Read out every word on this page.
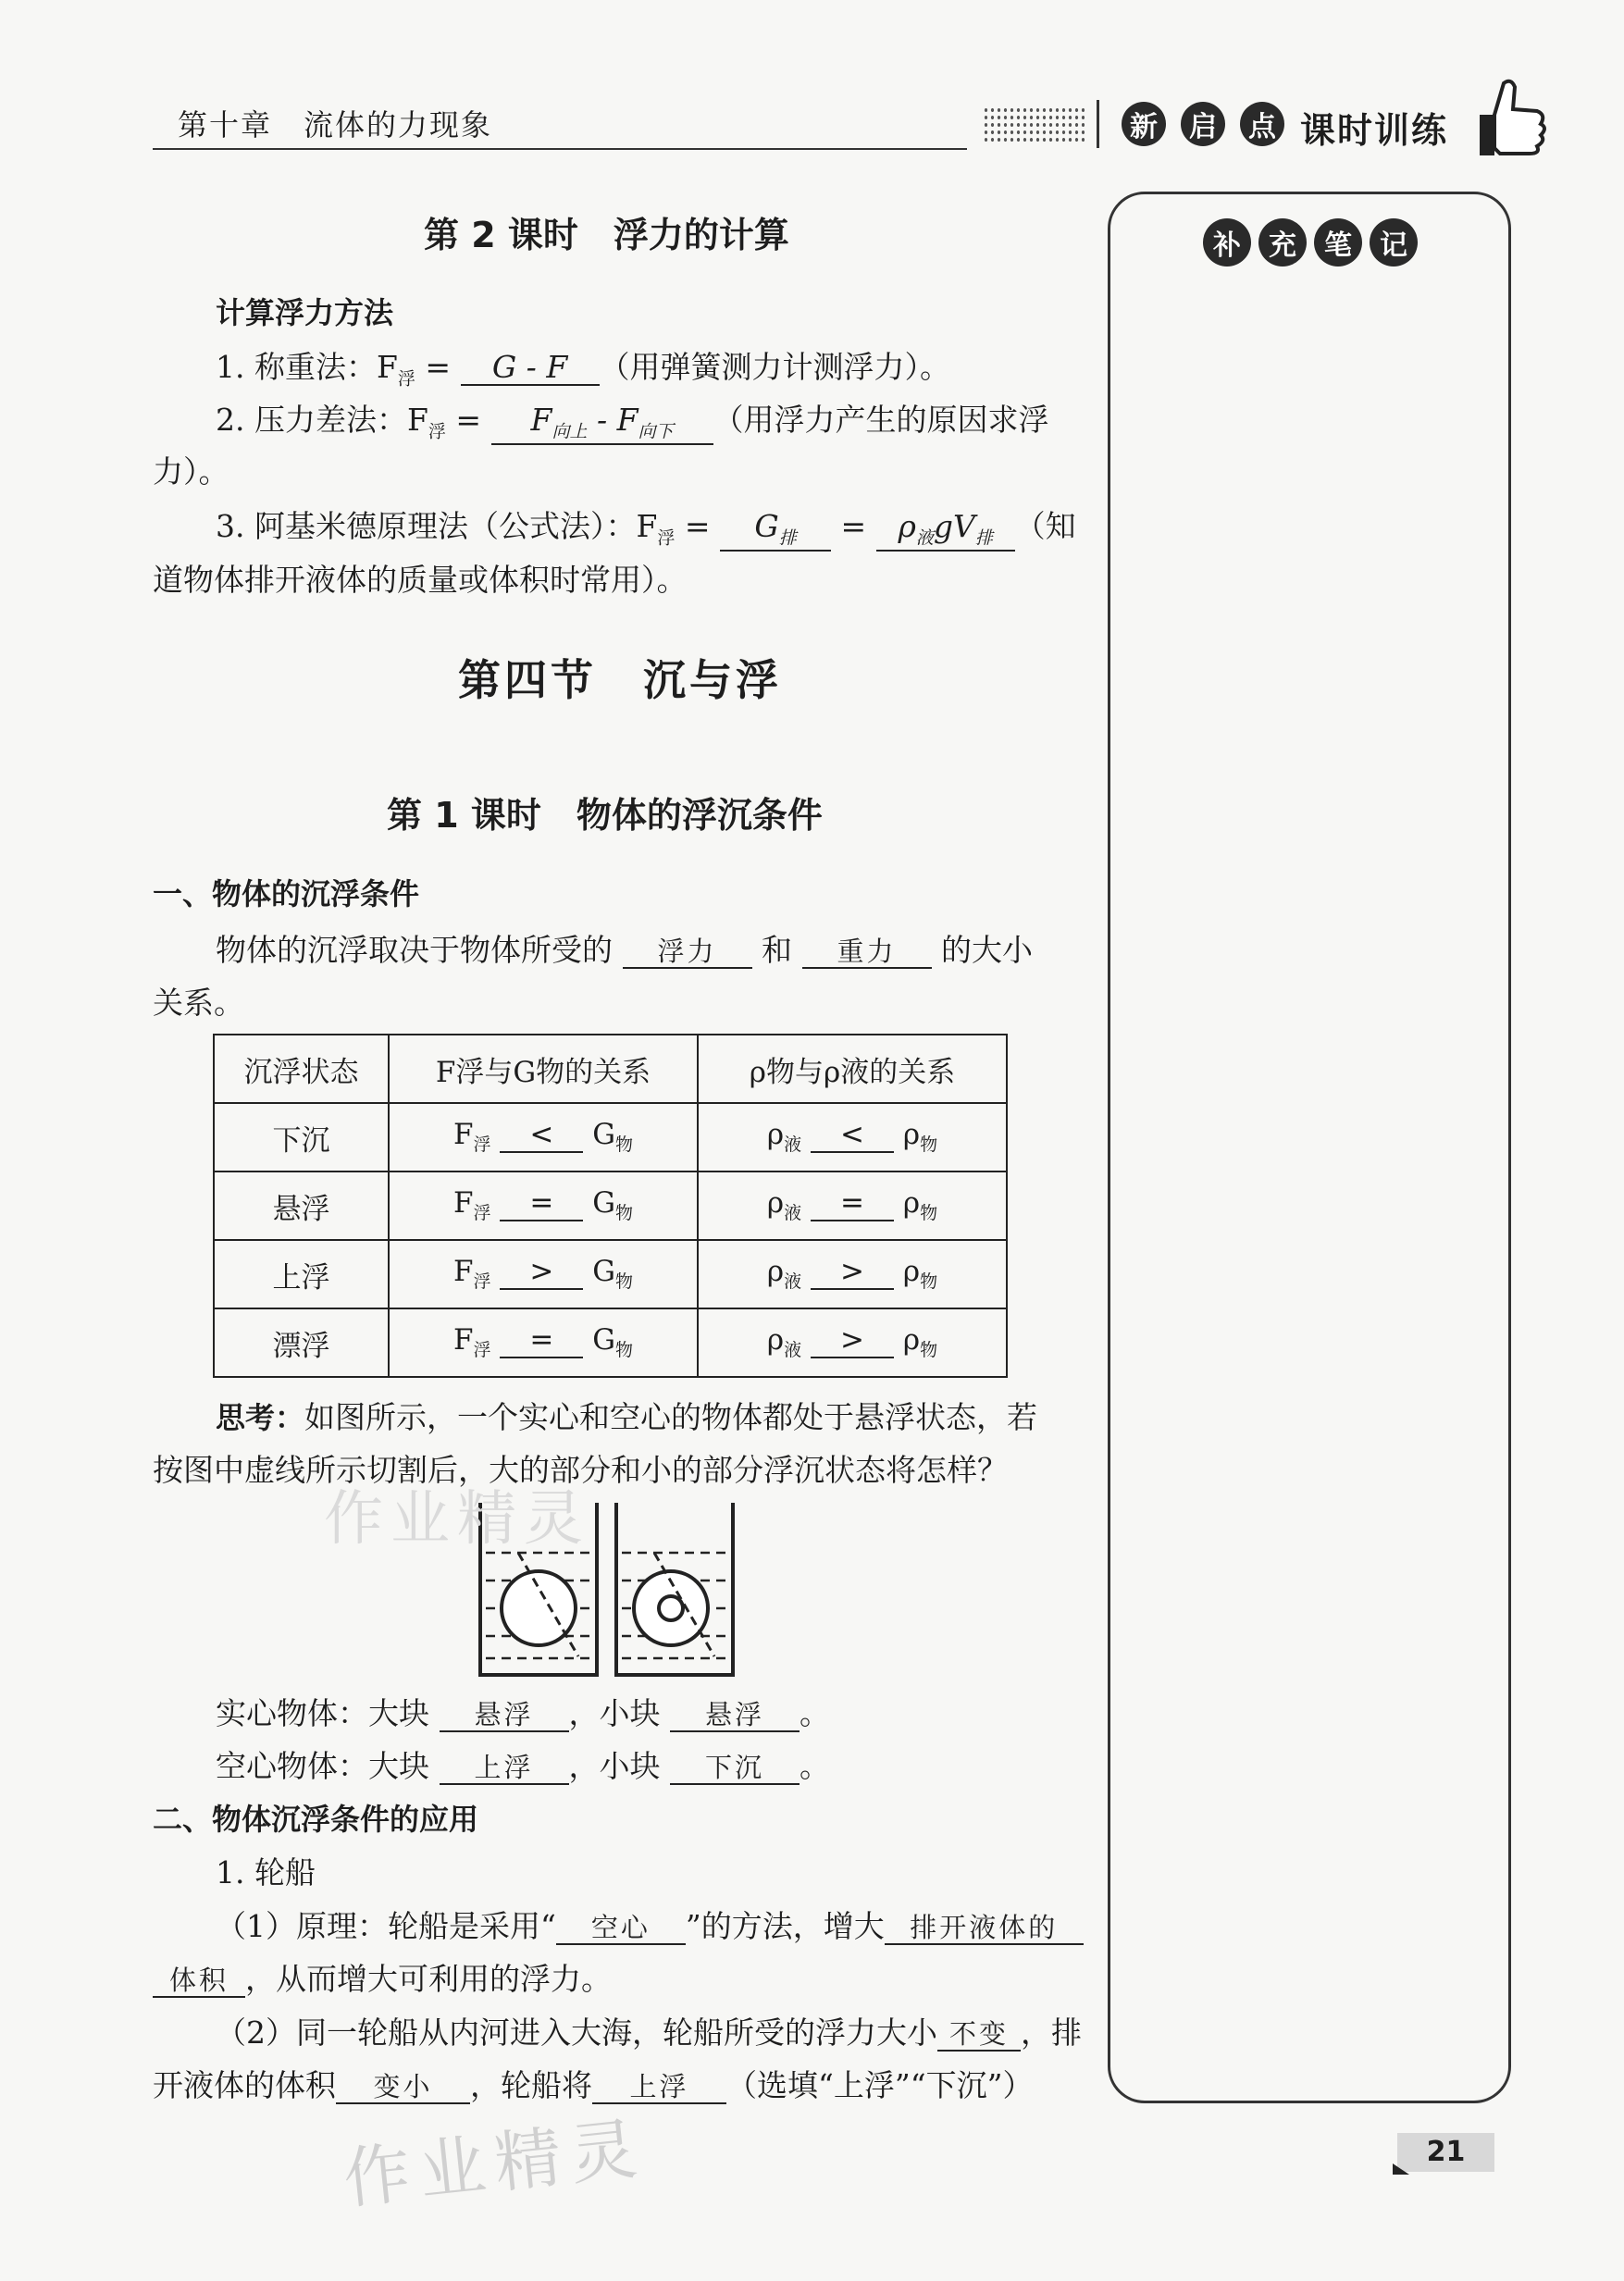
第十章　流体的力现象	新	启	点 课时训练
补	充	笔	记
第 2 课时　浮力的计算
计算浮力方法
1. 称重法：$F_浮 = G - F$ （用弹簧测力计测浮力）。
2. 压力差法：$F_浮 = F_{向上} - F_{向下}$ （用浮力产生的原因求浮
力）。
3. 阿基米德原理法（公式法）：$F_浮 = G_排 = \rho_液gV_排$ （知
道物体排开液体的质量或体积时常用）。
第四节　沉与浮
第 1 课时　物体的浮沉条件
一、物体的沉浮条件
物体的沉浮取决于物体所受的 浮力 和 重力 的大小
关系。
沉浮状态	F浮与G物的关系	ρ物与ρ液的关系
下沉	$F_浮 < G_物$	$\rho_液 < \rho_物$
悬浮	$F_浮 = G_物$	$\rho_液 = \rho_物$
上浮	$F_浮 > G_物$	$\rho_液 > \rho_物$
漂浮	$F_浮 = G_物$	$\rho_液 > \rho_物$
思考：如图所示，一个实心和空心的物体都处于悬浮状态，若
按图中虚线所示切割后，大的部分和小的部分浮沉状态将怎样？
实心物体：大块 悬浮 ，小块 悬浮 。
空心物体：大块 上浮 ，小块 下沉 。
二、物体沉浮条件的应用
1. 轮船
（1）原理：轮船是采用“ 空心 ”的方法，增大 排开液体的
体积 ，从而增大可利用的浮力。
（2）同一轮船从内河进入大海，轮船所受的浮力大小 不变 ，排
开液体的体积 变小 ，轮船将 上浮 （选填“上浮”“下沉”）
作业精灵
作业精灵	21
